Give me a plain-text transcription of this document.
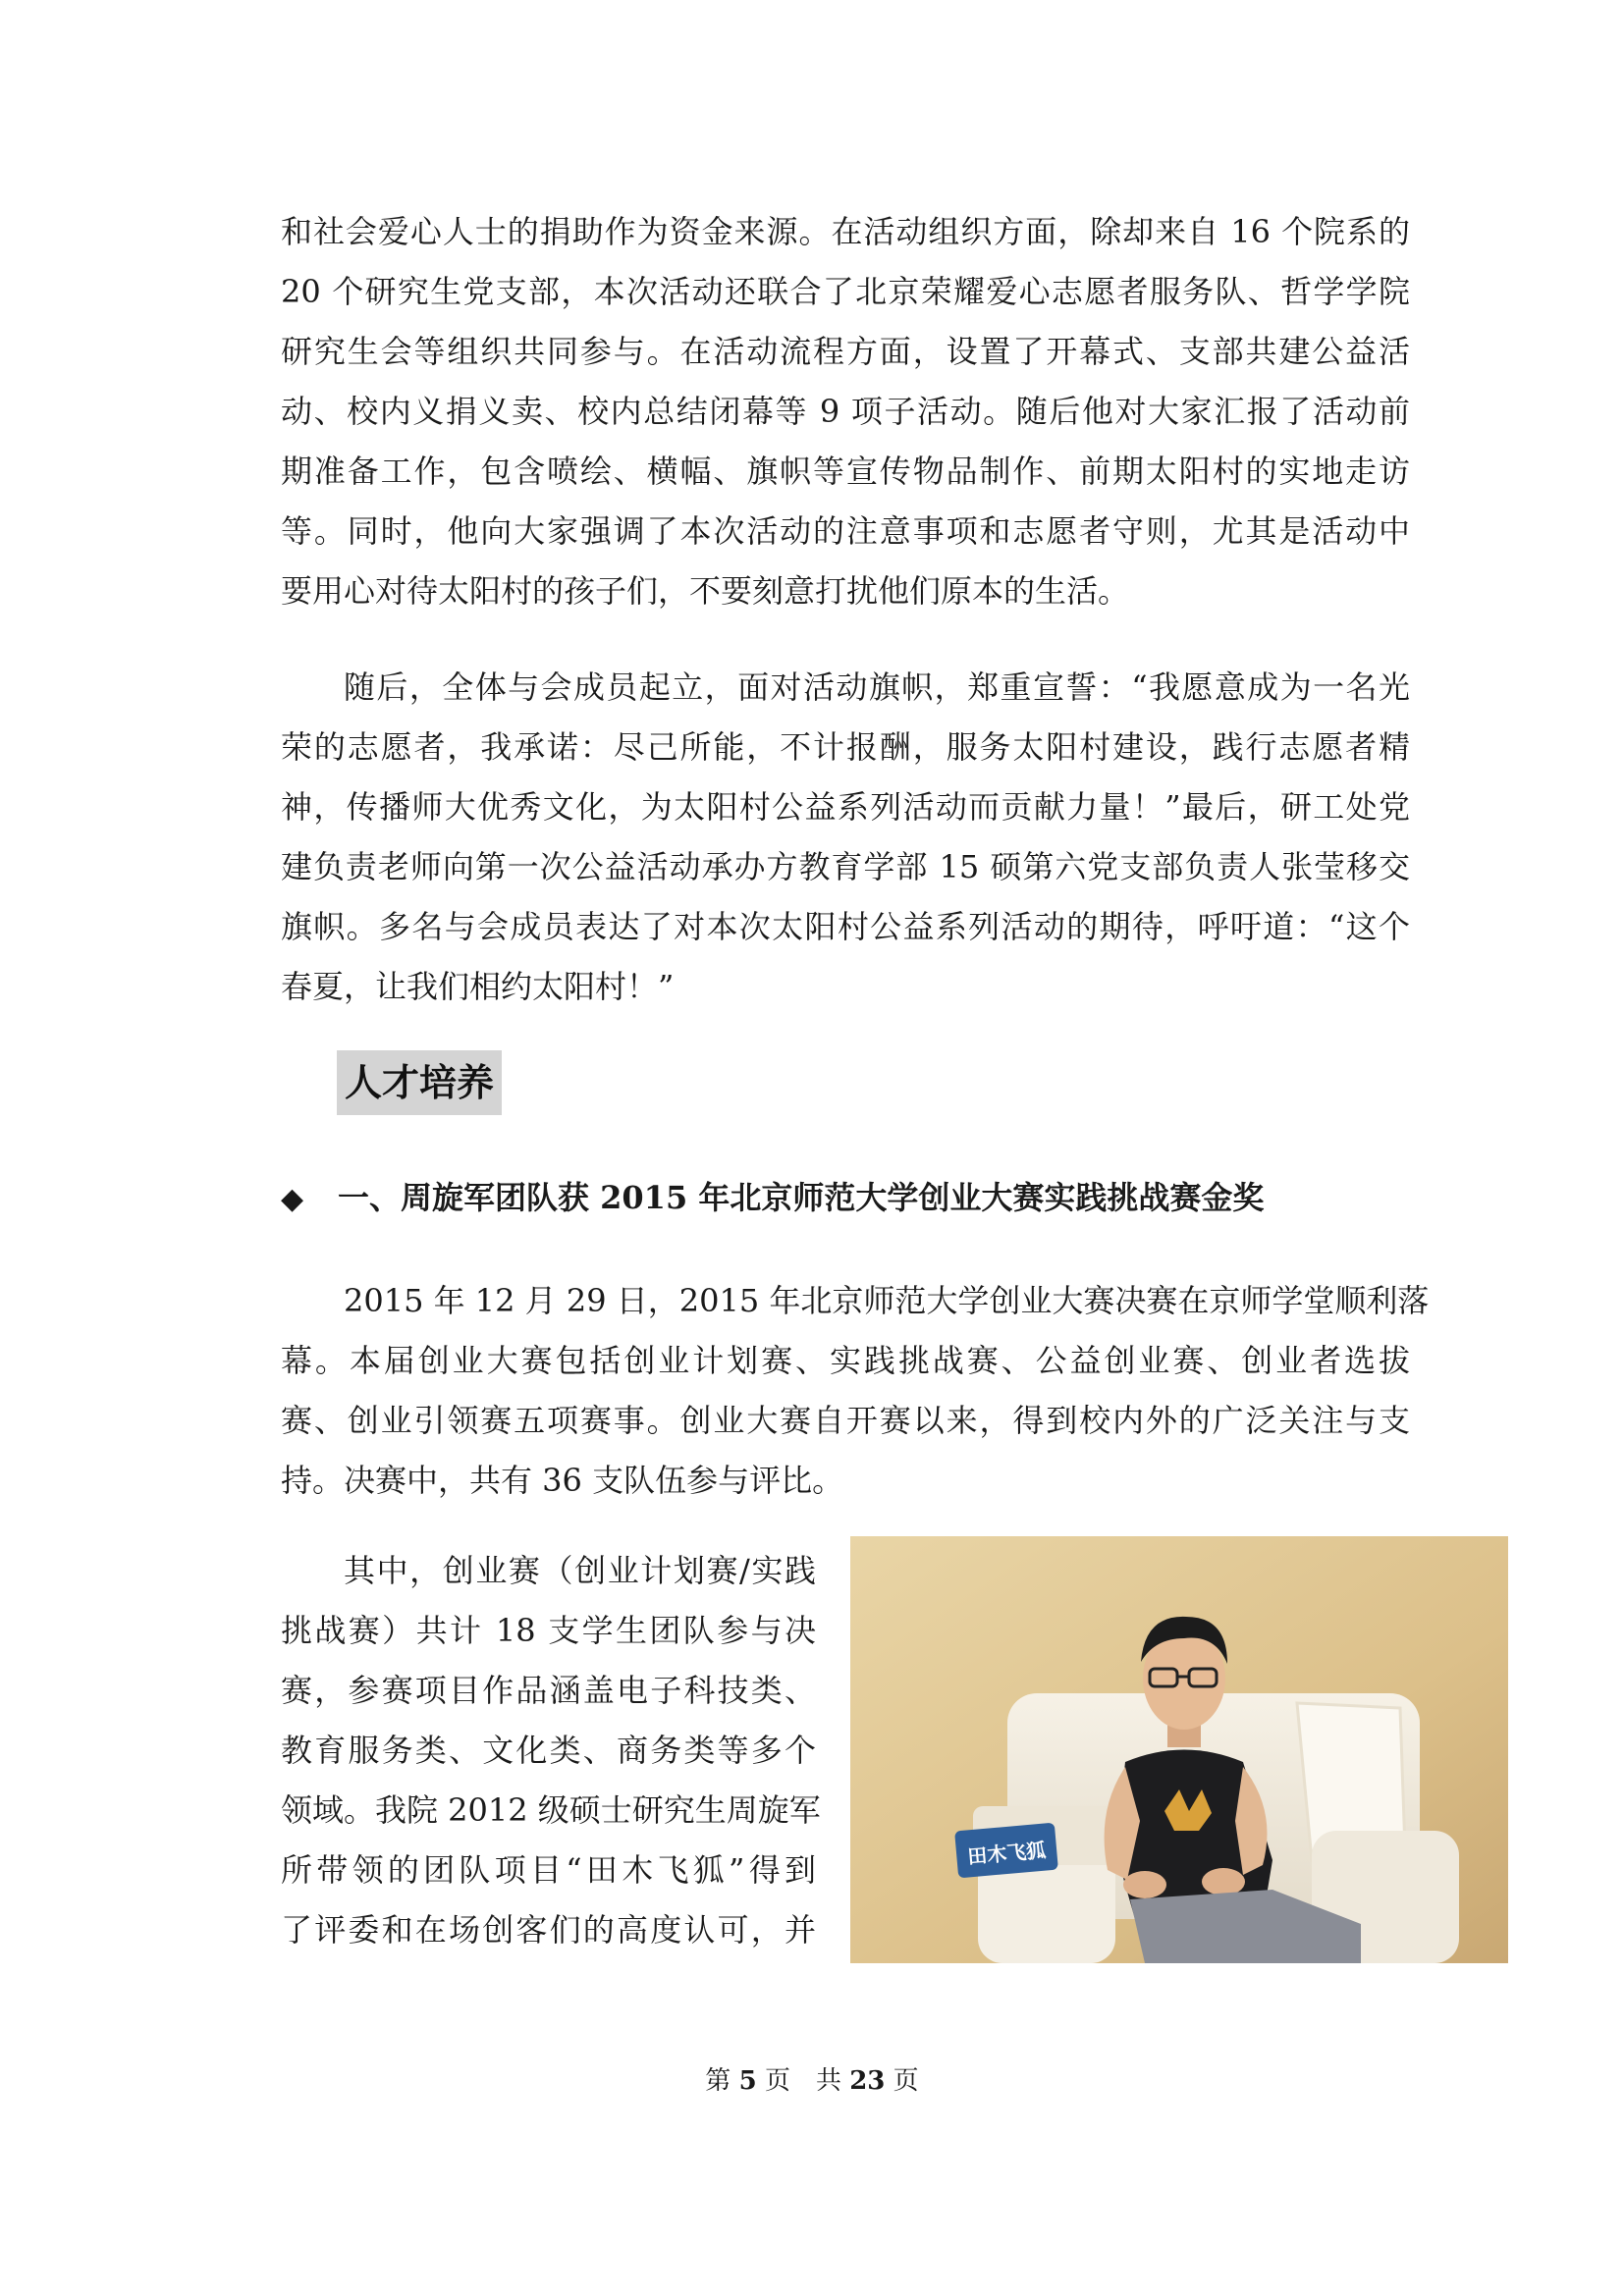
和社会爱心人士的捐助作为资金来源。在活动组织方面，除却来自 16 个院系的
20 个研究生党支部，本次活动还联合了北京荣耀爱心志愿者服务队、哲学学院
研究生会等组织共同参与。在活动流程方面，设置了开幕式、支部共建公益活
动、校内义捐义卖、校内总结闭幕等 9 项子活动。随后他对大家汇报了活动前
期准备工作，包含喷绘、横幅、旗帜等宣传物品制作、前期太阳村的实地走访
等。同时，他向大家强调了本次活动的注意事项和志愿者守则，尤其是活动中
要用心对待太阳村的孩子们，不要刻意打扰他们原本的生活。
随后，全体与会成员起立，面对活动旗帜，郑重宣誓：“我愿意成为一名光
荣的志愿者，我承诺：尽己所能，不计报酬，服务太阳村建设，践行志愿者精
神，传播师大优秀文化，为太阳村公益系列活动而贡献力量！”最后，研工处党
建负责老师向第一次公益活动承办方教育学部 15 硕第六党支部负责人张莹移交
旗帜。多名与会成员表达了对本次太阳村公益系列活动的期待，呼吁道：“这个
春夏，让我们相约太阳村！”
人才培养
◆ 一、周旋军团队获 2015 年北京师范大学创业大赛实践挑战赛金奖
2015 年 12 月 29 日，2015 年北京师范大学创业大赛决赛在京师学堂顺利落
幕。本届创业大赛包括创业计划赛、实践挑战赛、公益创业赛、创业者选拔
赛、创业引领赛五项赛事。创业大赛自开赛以来，得到校内外的广泛关注与支
持。决赛中，共有 36 支队伍参与评比。
其中，创业赛（创业计划赛/实践
挑战赛）共计 18 支学生团队参与决
赛，参赛项目作品涵盖电子科技类、
教育服务类、文化类、商务类等多个
领域。我院 2012 级硕士研究生周旋军
所带领的团队项目“田木飞狐”得到
了评委和在场创客们的高度认可，并
田木飞狐
第 5 页　共 23 页
